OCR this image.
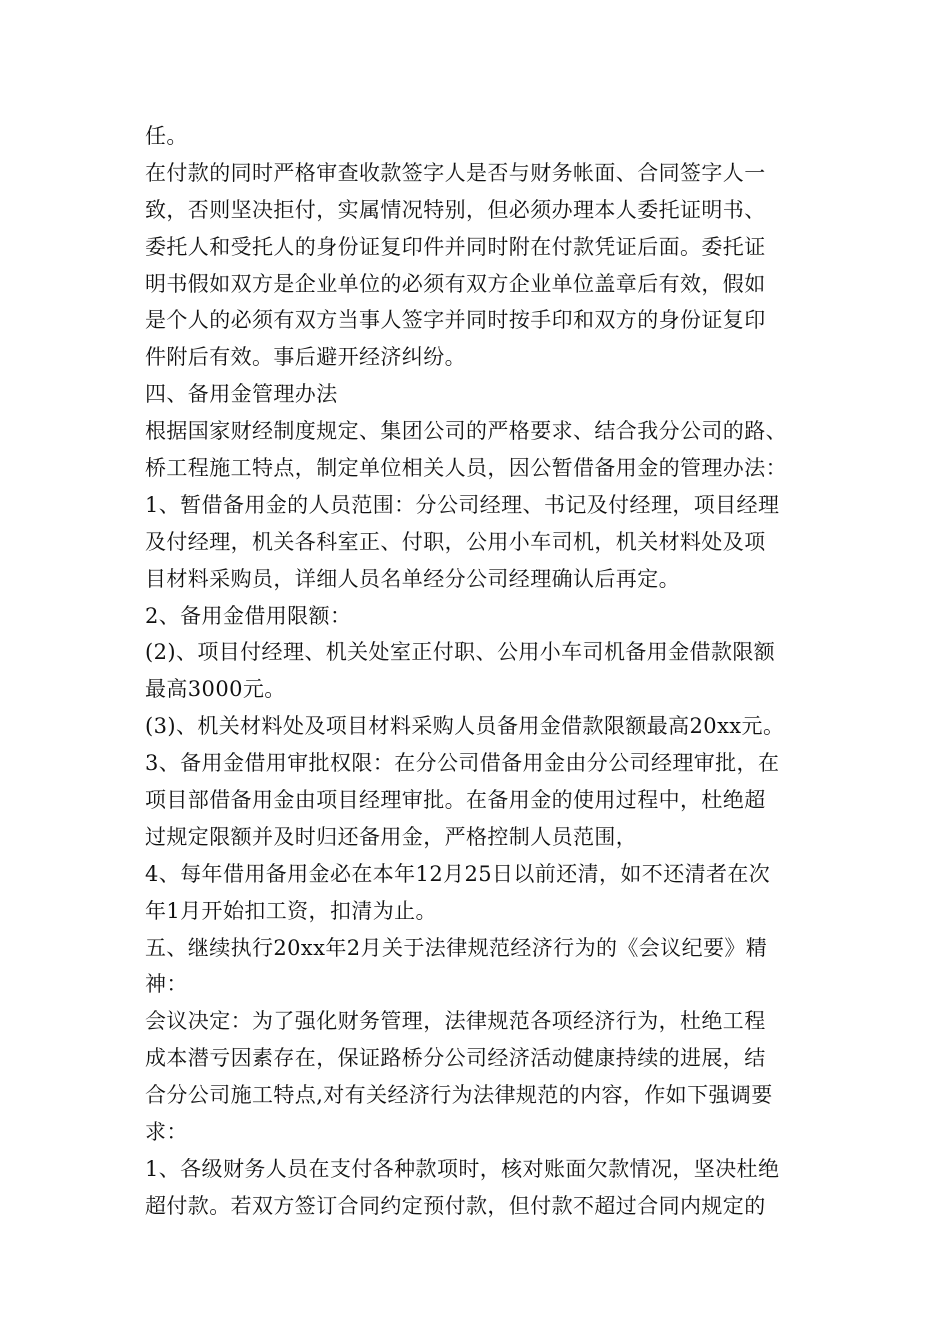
任。
在付款的同时严格审查收款签字人是否与财务帐面、合同签字人一
致，否则坚决拒付，实属情况特别，但必须办理本人委托证明书、
委托人和受托人的身份证复印件并同时附在付款凭证后面。委托证
明书假如双方是企业单位的必须有双方企业单位盖章后有效，假如
是个人的必须有双方当事人签字并同时按手印和双方的身份证复印
件附后有效。事后避开经济纠纷。
四、备用金管理办法
根据国家财经制度规定、集团公司的严格要求、结合我分公司的路、
桥工程施工特点，制定单位相关人员，因公暂借备用金的管理办法：
1、暂借备用金的人员范围：分公司经理、书记及付经理，项目经理
及付经理，机关各科室正、付职，公用小车司机，机关材料处及项
目材料采购员，详细人员名单经分公司经理确认后再定。
2、备用金借用限额：
(2)、项目付经理、机关处室正付职、公用小车司机备用金借款限额
最高3000元。
(3)、机关材料处及项目材料采购人员备用金借款限额最高20xx元。
3、备用金借用审批权限：在分公司借备用金由分公司经理审批，在
项目部借备用金由项目经理审批。在备用金的使用过程中，杜绝超
过规定限额并及时归还备用金，严格控制人员范围，
4、每年借用备用金必在本年12月25日以前还清，如不还清者在次
年1月开始扣工资，扣清为止。
五、继续执行20xx年2月关于法律规范经济行为的《会议纪要》精
神：
会议决定：为了强化财务管理，法律规范各项经济行为，杜绝工程
成本潜亏因素存在，保证路桥分公司经济活动健康持续的进展，结
合分公司施工特点,对有关经济行为法律规范的内容，作如下强调要
求：
1、各级财务人员在支付各种款项时，核对账面欠款情况，坚决杜绝
超付款。若双方签订合同约定预付款，但付款不超过合同内规定的
